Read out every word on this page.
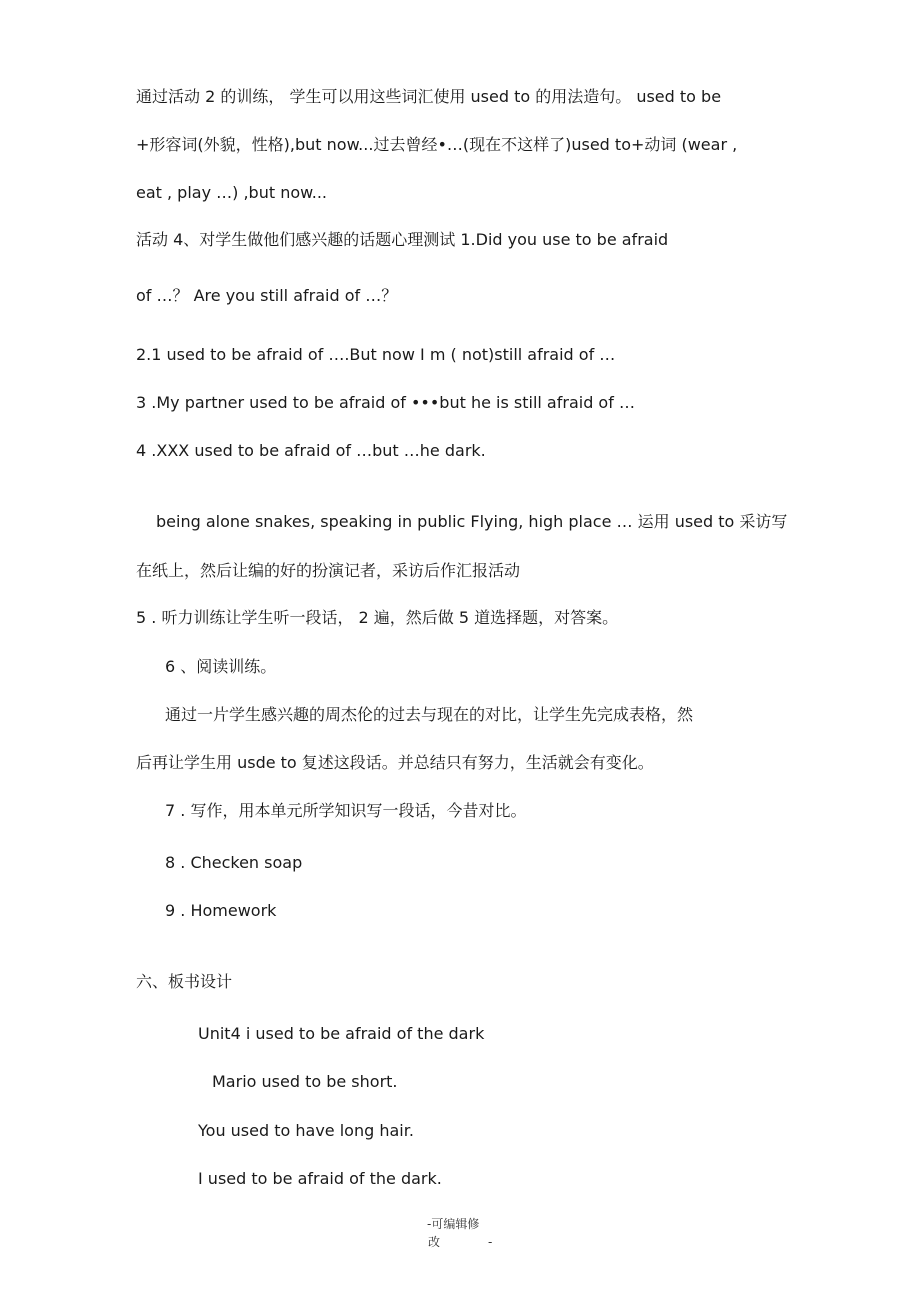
通过活动 2 的训练， 学生可以用这些词汇使用 used to 的用法造句。 used to be
+形容词(外貌，性格),but now...过去曾经•…(现在不这样了)used to+动词 (wear ,
eat , play …) ,but now...
活动 4、对学生做他们感兴趣的话题心理测试 1.Did you use to be afraid
of …？ Are you still afraid of …？
2.1 used to be afraid of ….But now I m ( not)still afraid of …
3 .My partner used to be afraid of •••but he is still afraid of …
4 .XXX used to be afraid of …but …he dark.
being alone snakes, speaking in public Flying, high place … 运用 used to 采访写
在纸上，然后让编的好的扮演记者，采访后作汇报活动
5 . 听力训练让学生听一段话， 2 遍，然后做 5 道选择题，对答案。
6 、阅读训练。
通过一片学生感兴趣的周杰伦的过去与现在的对比，让学生先完成表格，然
后再让学生用 usde to 复述这段话。并总结只有努力，生活就会有变化。
7 . 写作，用本单元所学知识写一段话，今昔对比。
8 . Checken soap
9 . Homework
六、板书设计
Unit4 i used to be afraid of the dark
Mario used to be short.
You used to have long hair.
I used to be afraid of the dark.
-可编辑修
改	-
